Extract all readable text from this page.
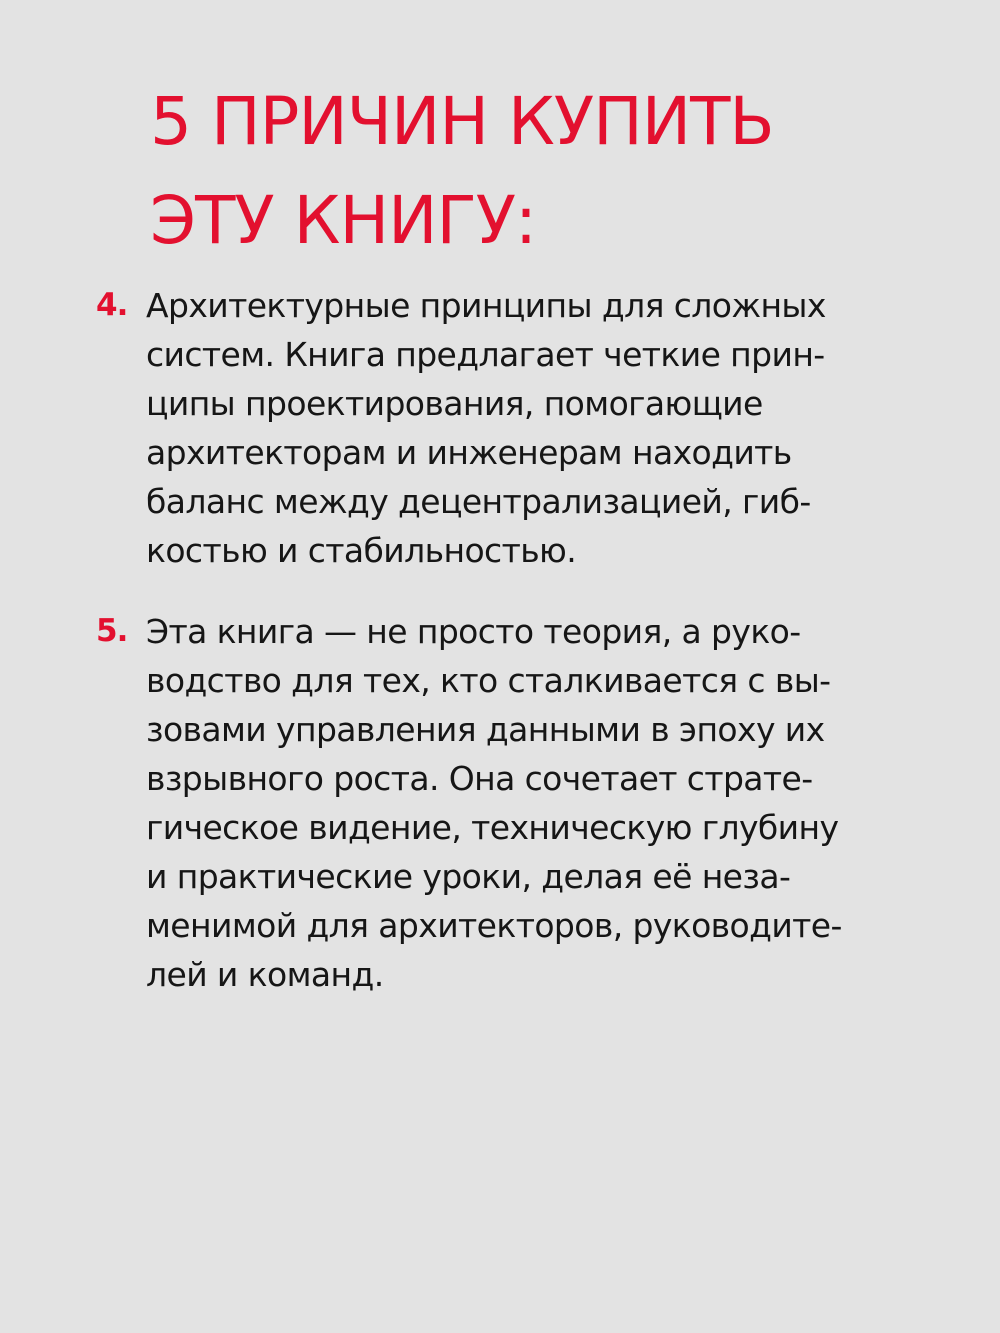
5 ПРИЧИН КУПИТЬ
ЭТУ КНИГУ:
4. Архитектурные принципы для сложных
систем. Книга предлагает четкие прин-
ципы проектирования, помогающие
архитекторам и инженерам находить
баланс между децентрализацией, гиб-
костью и стабильностью.
5. Эта книга — не просто теория, а руко-
водство для тех, кто сталкивается с вы-
зовами управления данными в эпоху их
взрывного роста. Она сочетает страте-
гическое видение, техническую глубину
и практические уроки, делая её неза-
менимой для архитекторов, руководите-
лей и команд.
